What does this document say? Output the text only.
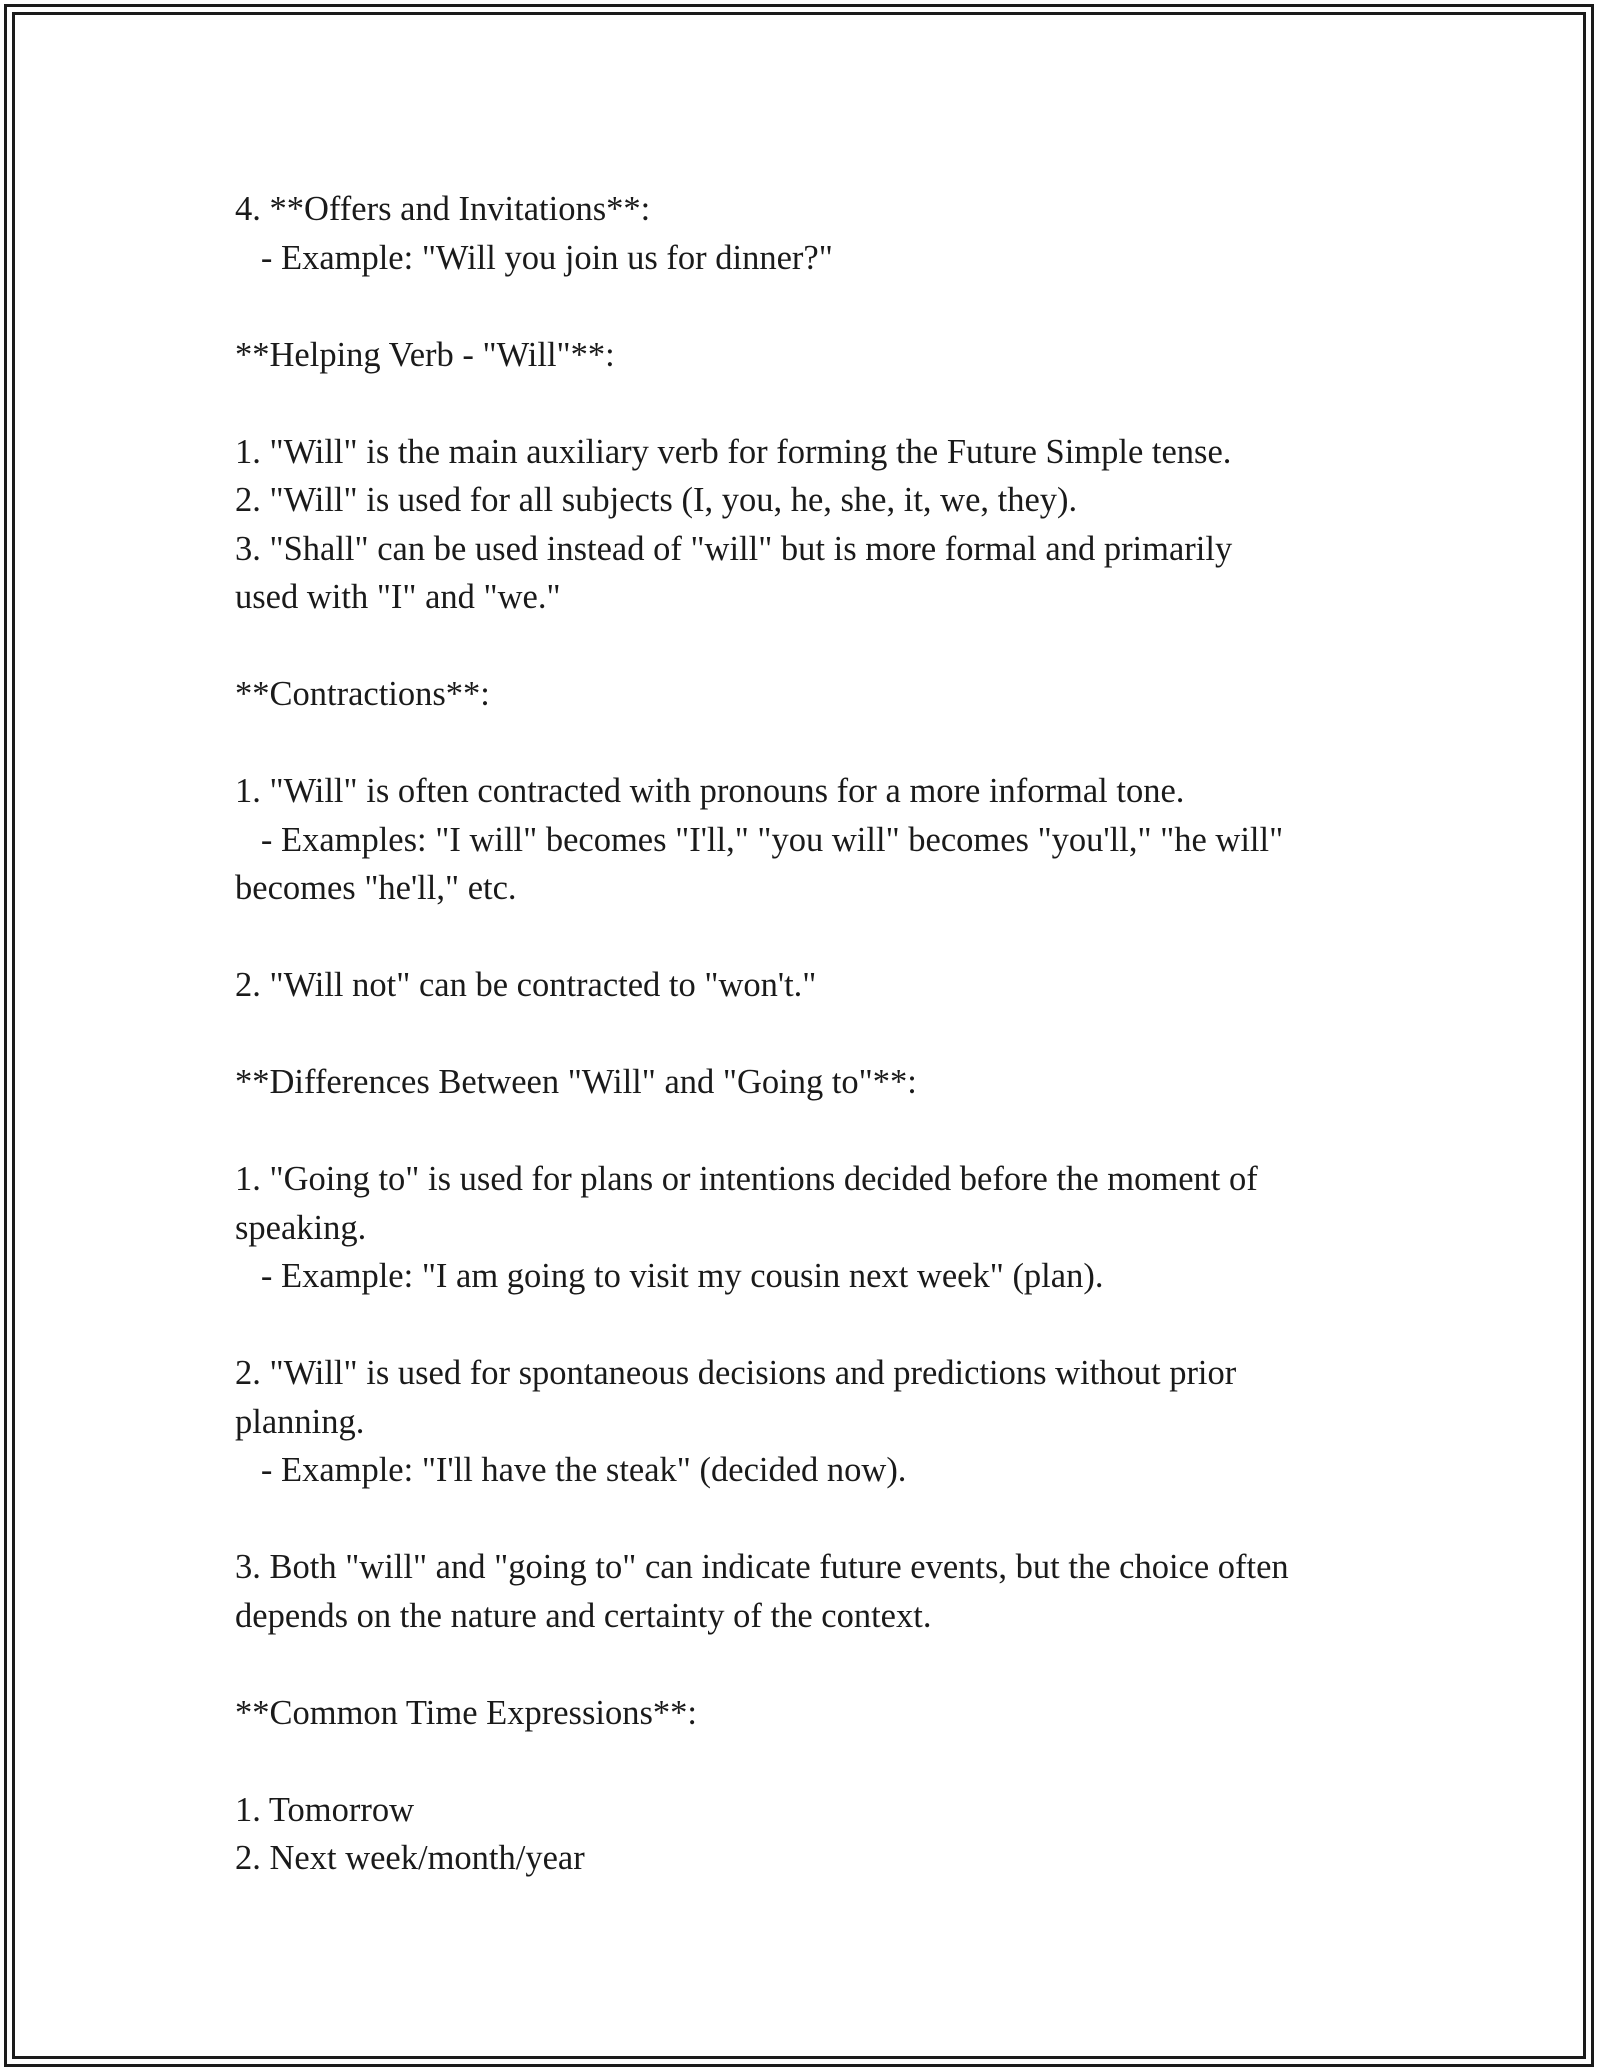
4. **Offers and Invitations**:
- Example: "Will you join us for dinner?"
**Helping Verb - "Will"**:
1. "Will" is the main auxiliary verb for forming the Future Simple tense.
2. "Will" is used for all subjects (I, you, he, she, it, we, they).
3. "Shall" can be used instead of "will" but is more formal and primarily
used with "I" and "we."
**Contractions**:
1. "Will" is often contracted with pronouns for a more informal tone.
- Examples: "I will" becomes "I'll," "you will" becomes "you'll," "he will"
becomes "he'll," etc.
2. "Will not" can be contracted to "won't."
**Differences Between "Will" and "Going to"**:
1. "Going to" is used for plans or intentions decided before the moment of
speaking.
- Example: "I am going to visit my cousin next week" (plan).
2. "Will" is used for spontaneous decisions and predictions without prior
planning.
- Example: "I'll have the steak" (decided now).
3. Both "will" and "going to" can indicate future events, but the choice often
depends on the nature and certainty of the context.
**Common Time Expressions**:
1. Tomorrow
2. Next week/month/year
